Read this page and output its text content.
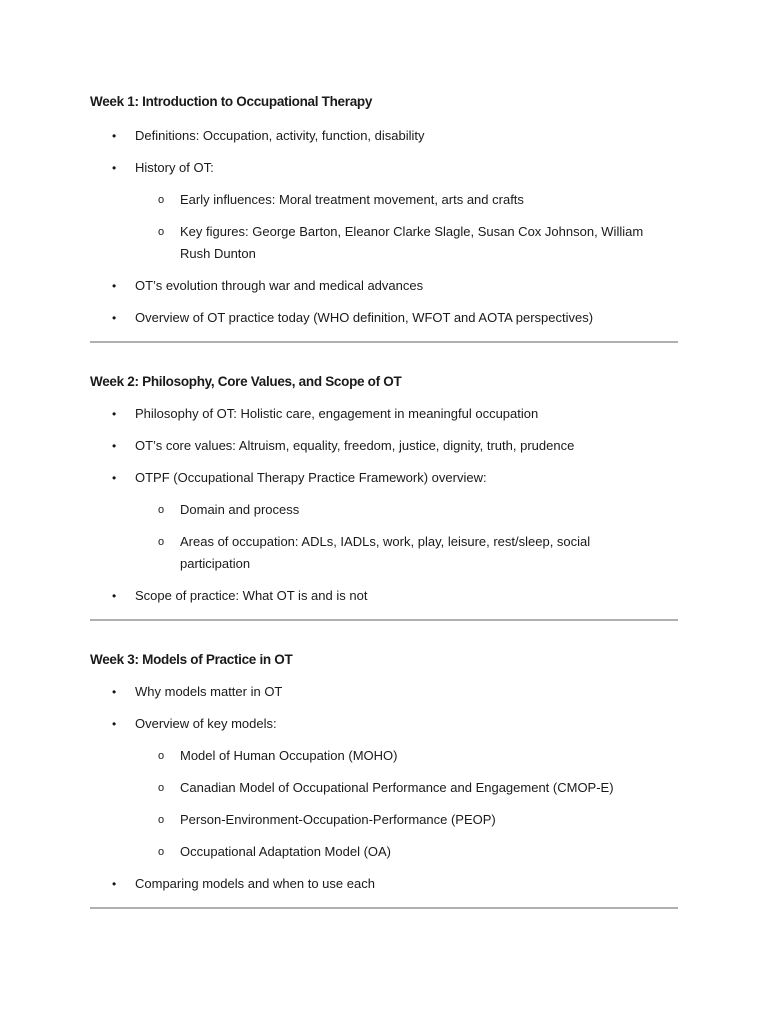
Week 1: Introduction to Occupational Therapy
• Definitions: Occupation, activity, function, disability
• History of OT:
o Early influences: Moral treatment movement, arts and crafts
o Key figures: George Barton, Eleanor Clarke Slagle, Susan Cox Johnson, William Rush Dunton
• OT’s evolution through war and medical advances
• Overview of OT practice today (WHO definition, WFOT and AOTA perspectives)
Week 2: Philosophy, Core Values, and Scope of OT
• Philosophy of OT: Holistic care, engagement in meaningful occupation
• OT’s core values: Altruism, equality, freedom, justice, dignity, truth, prudence
• OTPF (Occupational Therapy Practice Framework) overview:
o Domain and process
o Areas of occupation: ADLs, IADLs, work, play, leisure, rest/sleep, social participation
• Scope of practice: What OT is and is not
Week 3: Models of Practice in OT
• Why models matter in OT
• Overview of key models:
o Model of Human Occupation (MOHO)
o Canadian Model of Occupational Performance and Engagement (CMOP-E)
o Person-Environment-Occupation-Performance (PEOP)
o Occupational Adaptation Model (OA)
• Comparing models and when to use each
